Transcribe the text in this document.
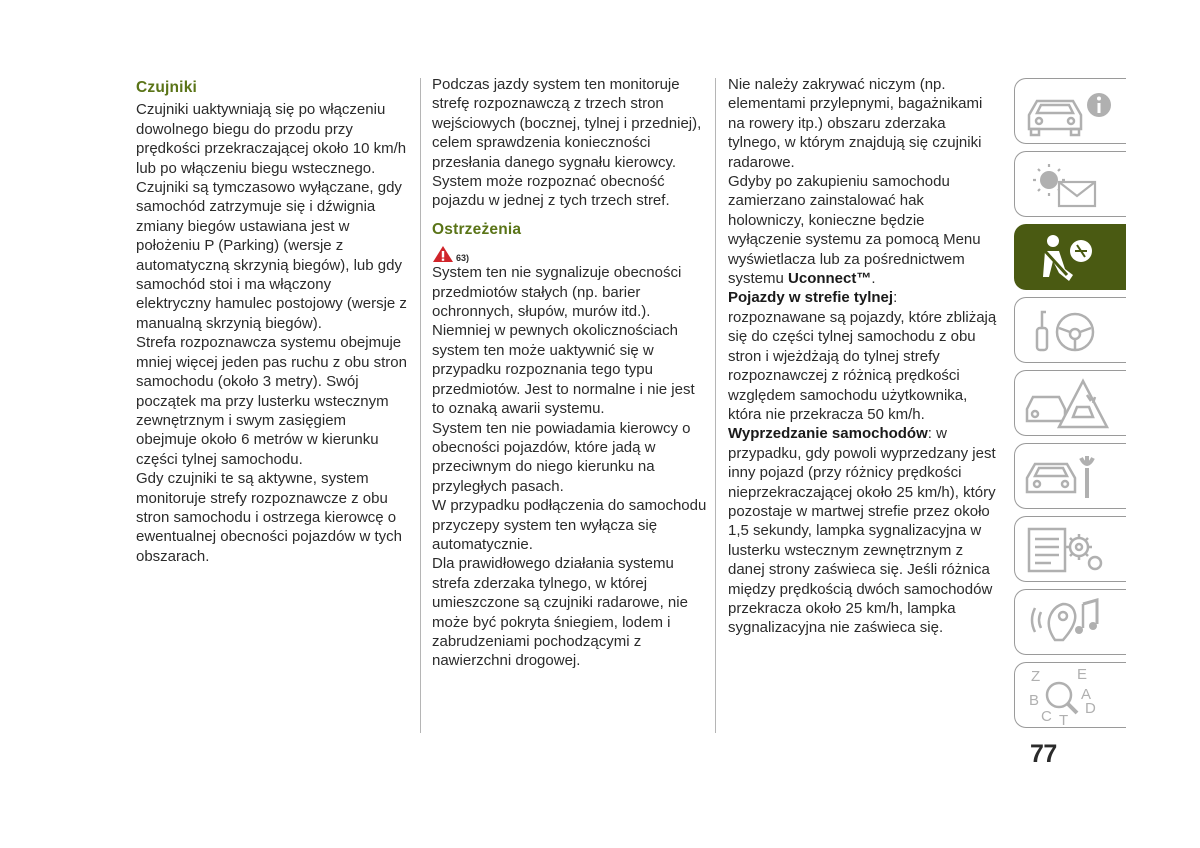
Czujniki

Czujniki uaktywniają się po włączeniu dowolnego biegu do przodu przy prędkości przekraczającej około 10 km/h lub po włączeniu biegu wstecznego.

Czujniki są tymczasowo wyłączane, gdy samochód zatrzymuje się i dźwignia zmiany biegów ustawiana jest w położeniu P (Parking) (wersje z automatyczną skrzynią biegów), lub gdy samochód stoi i ma włączony elektryczny hamulec postojowy (wersje z manualną skrzynią biegów).

Strefa rozpoznawcza systemu obejmuje mniej więcej jeden pas ruchu z obu stron samochodu (około 3 metry). Swój początek ma przy lusterku wstecznym zewnętrznym i swym zasięgiem obejmuje około 6 metrów w kierunku części tylnej samochodu.

Gdy czujniki te są aktywne, system monitoruje strefy rozpoznawcze z obu stron samochodu i ostrzega kierowcę o ewentualnej obecności pojazdów w tych obszarach.

Podczas jazdy system ten monitoruje strefę rozpoznawczą z trzech stron wejściowych (bocznej, tylnej i przedniej), celem sprawdzenia konieczności przesłania danego sygnału kierowcy. System może rozpoznać obecność pojazdu w jednej z tych trzech stref.

Ostrzeżenia
63)

System ten nie sygnalizuje obecności przedmiotów stałych (np. barier ochronnych, słupów, murów itd.). Niemniej w pewnych okolicznościach system ten może uaktywnić się w przypadku rozpoznania tego typu przedmiotów. Jest to normalne i nie jest to oznaką awarii systemu.

System ten nie powiadamia kierowcy o obecności pojazdów, które jadą w przeciwnym do niego kierunku na przyległych pasach.

W przypadku podłączenia do samochodu przyczepy system ten wyłącza się automatycznie.

Dla prawidłowego działania systemu strefa zderzaka tylnego, w której umieszczone są czujniki radarowe, nie może być pokryta śniegiem, lodem i zabrudzeniami pochodzącymi z nawierzchni drogowej.

Nie należy zakrywać niczym (np. elementami przylepnymi, bagażnikami na rowery itp.) obszaru zderzaka tylnego, w którym znajdują się czujniki radarowe.

Gdyby po zakupieniu samochodu zamierzano zainstalować hak holowniczy, konieczne będzie wyłączenie systemu za pomocą Menu wyświetlacza lub za pośrednictwem systemu Uconnect™.

Pojazdy w strefie tylnej:

rozpoznawane są pojazdy, które zbliżają się do części tylnej samochodu z obu stron i wjeżdżają do tylnej strefy rozpoznawczej z różnicą prędkości względem samochodu użytkownika, która nie przekracza 50 km/h.

Wyprzedzanie samochodów: w

przypadku, gdy powoli wyprzedzany jest inny pojazd (przy różnicy prędkości nieprzekraczającej około 25 km/h), który pozostaje w martwej strefie przez około 1,5 sekundy, lampka sygnalizacyjna w lusterku wstecznym zewnętrznym z danej strony zaświeca się. Jeśli różnica między prędkością dwóch samochodów przekracza około 25 km/h, lampka sygnalizacyjna nie zaświeca się.

Z E
B	A
C D
T
77
